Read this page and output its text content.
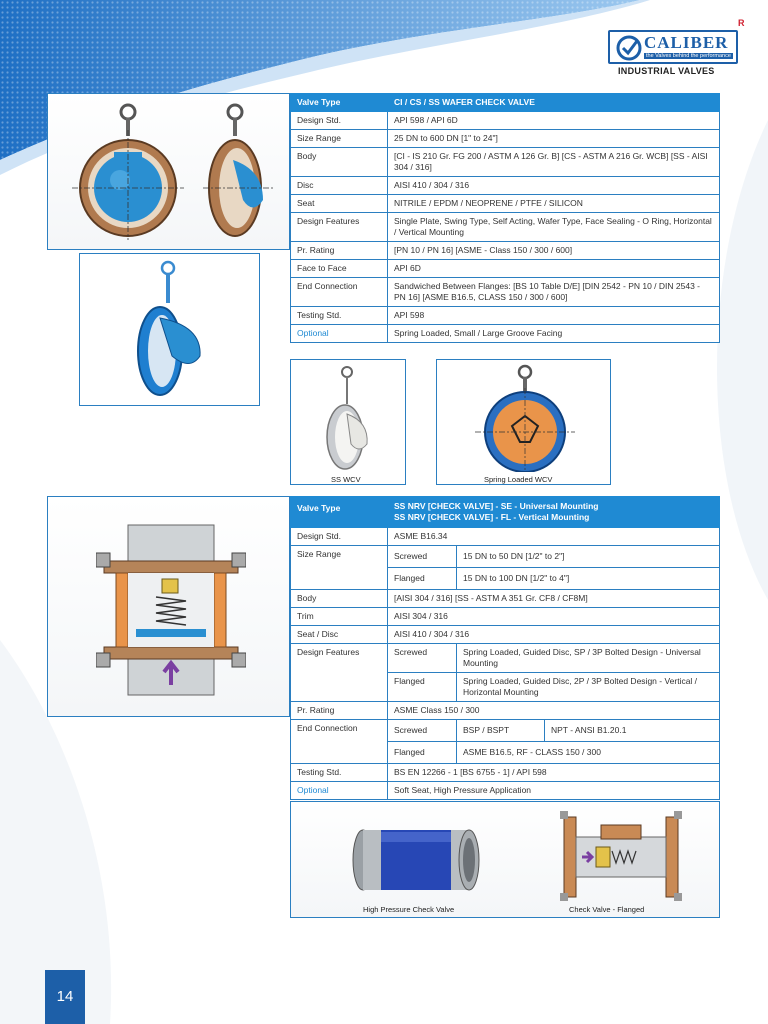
CALIBER
the Valves behind the performance
R
INDUSTRIAL VALVES
Valve Type	CI / CS / SS WAFER CHECK VALVE
Design Std.	API 598 / API 6D
Size Range	25 DN to 600 DN [1" to 24"]
Body	[CI - IS 210 Gr. FG 200 / ASTM A 126 Gr. B] [CS - ASTM A 216 Gr. WCB] [SS - AISI 304 / 316]
Disc	AISI 410 / 304 / 316
Seat	NITRILE / EPDM / NEOPRENE / PTFE / SILICON
Design Features	Single Plate, Swing Type, Self Acting, Wafer Type, Face Sealing - O Ring, Horizontal / Vertical Mounting
Pr. Rating	[PN 10 / PN 16] [ASME - Class 150 / 300 / 600]
Face to Face	API 6D
End Connection	Sandwiched Between Flanges: [BS 10 Table D/E] [DIN 2542 - PN 10 / DIN 2543 - PN 16] [ASME B16.5, CLASS 150 / 300 / 600]
Testing Std.	API 598
Optional	Spring Loaded, Small / Large Groove Facing
SS WCV	Spring Loaded WCV
Valve Type	SS NRV [CHECK VALVE] - SE - Universal Mounting
SS NRV [CHECK VALVE] - FL - Vertical Mounting		

Design Std.	ASME B16.34		
Size Range	Screwed	15 DN to 50 DN [1/2" to 2"]	
	Flanged	15 DN to 100 DN [1/2" to 4"]	
Body	[AISI 304 / 316] [SS - ASTM A 351 Gr. CF8 / CF8M]		
Trim	AISI 304 / 316		
Seat / Disc	AISI 410 / 304 / 316		
Design Features	Screwed	Spring Loaded, Guided Disc, SP / 3P Bolted Design - Universal Mounting	
	Flanged	Spring Loaded, Guided Disc, 2P / 3P Bolted Design - Vertical / Horizontal Mounting	
Pr. Rating	ASME Class 150 / 300		
End Connection	Screwed	BSP / BSPT	NPT - ANSI B1.20.1
	Flanged	ASME B16.5, RF - CLASS 150 / 300	
Testing Std.	BS EN 12266 - 1 [BS 6755 - 1] / API 598		
Optional	Soft Seat, High Pressure Application		
High Pressure Check Valve	Check Valve - Flanged
14
